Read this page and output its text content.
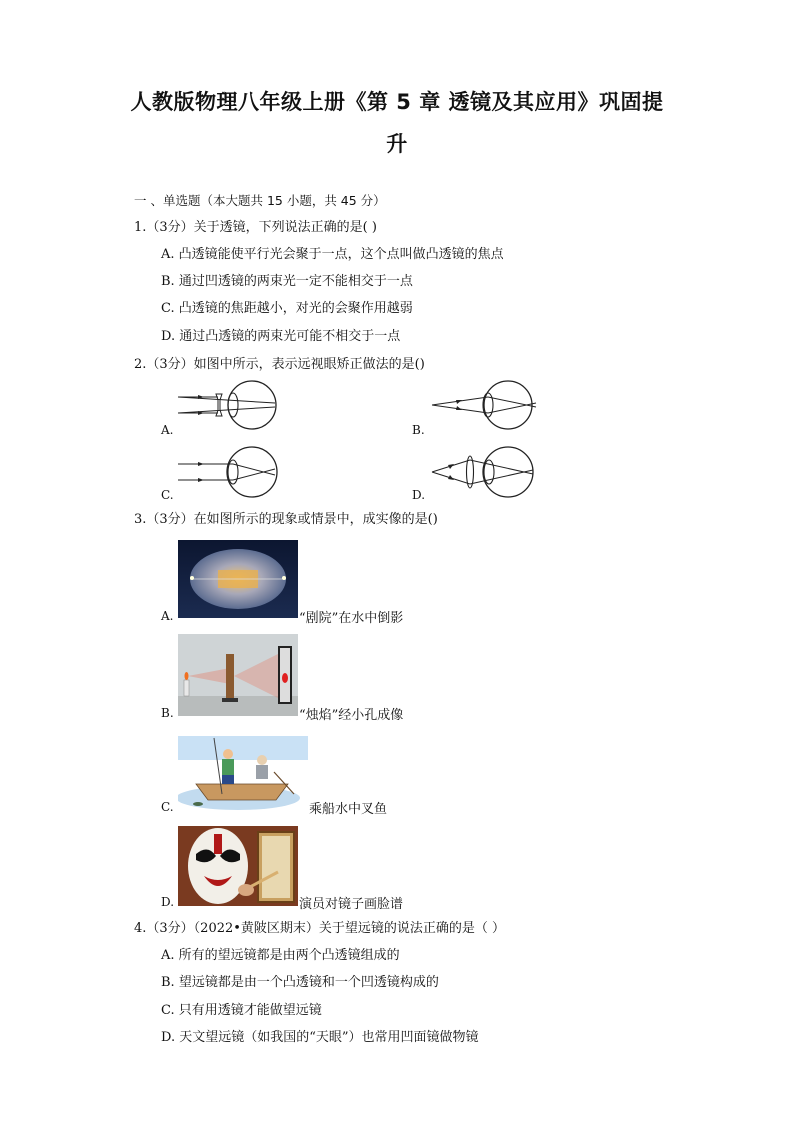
人教版物理八年级上册《第 5 章 透镜及其应用》巩固提
升
一 、单选题（本大题共 15 小题，共 45 分）
1.（3分）关于透镜，下列说法正确的是( )
A. 凸透镜能使平行光会聚于一点，这个点叫做凸透镜的焦点
B. 通过凹透镜的两束光一定不能相交于一点
C. 凸透镜的焦距越小，对光的会聚作用越弱
D. 通过凸透镜的两束光可能不相交于一点
2.（3分）如图中所示，表示远视眼矫正做法的是()
A.	B.
C.	D.
3.（3分）在如图所示的现象或情景中，成实像的是()
A.	“剧院”在水中倒影
B.	“烛焰”经小孔成像
C.	乘船水中叉鱼
D.	演员对镜子画脸谱
4.（3分）（2022•黄陂区期末）关于望远镜的说法正确的是（ ）
A. 所有的望远镜都是由两个凸透镜组成的
B. 望远镜都是由一个凸透镜和一个凹透镜构成的
C. 只有用透镜才能做望远镜
D. 天文望远镜（如我国的“天眼”）也常用凹面镜做物镜
